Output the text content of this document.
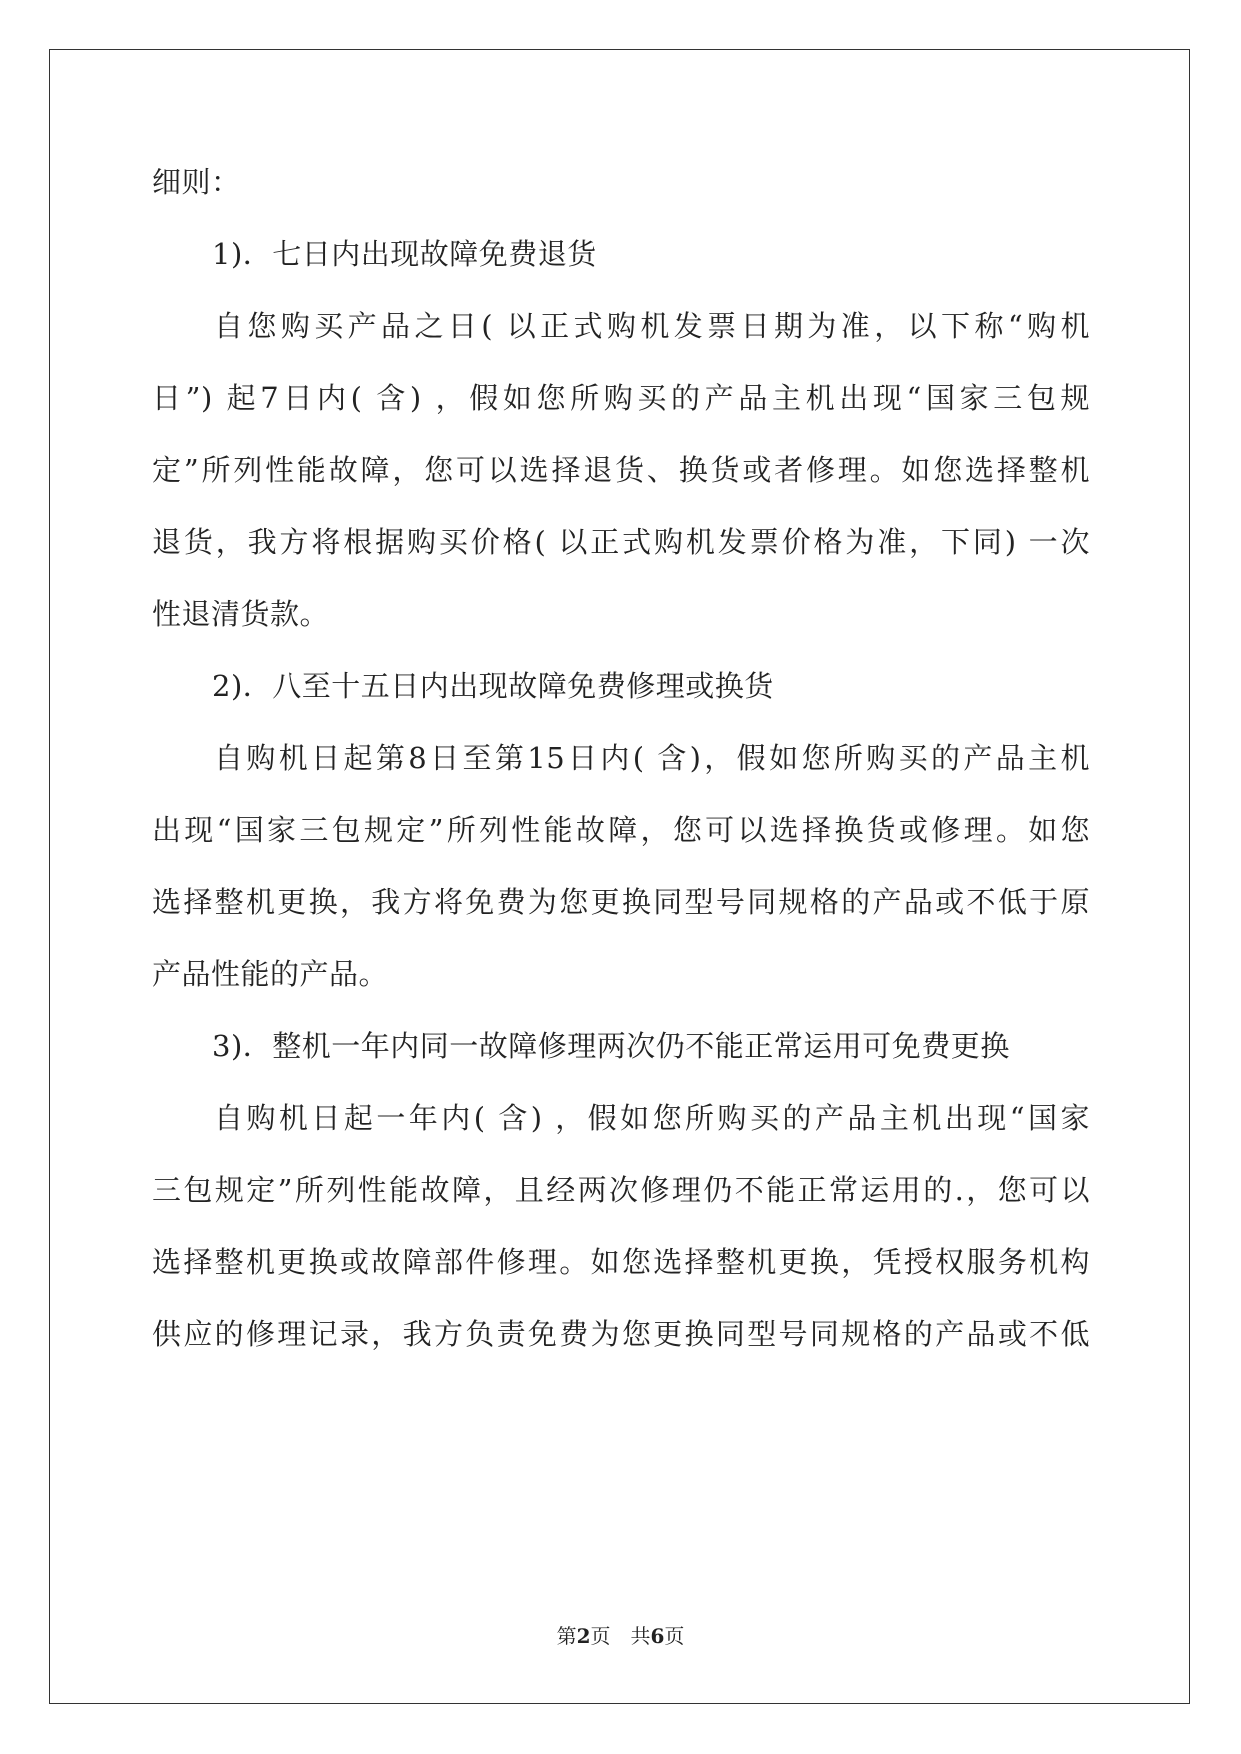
细则：
1)．七日内出现故障免费退货
自您购买产品之日( 以正式购机发票日期为准，以下称“购机
日”) 起7日内( 含) ，假如您所购买的产品主机出现“国家三包规
定”所列性能故障，您可以选择退货、换货或者修理。如您选择整机
退货，我方将根据购买价格( 以正式购机发票价格为准，下同) 一次
性退清货款。
2)．八至十五日内出现故障免费修理或换货
自购机日起第8日至第15日内( 含)，假如您所购买的产品主机
出现“国家三包规定”所列性能故障，您可以选择换货或修理。如您
选择整机更换，我方将免费为您更换同型号同规格的产品或不低于原
产品性能的产品。
3)．整机一年内同一故障修理两次仍不能正常运用可免费更换
自购机日起一年内( 含) ，假如您所购买的产品主机出现“国家
三包规定”所列性能故障，且经两次修理仍不能正常运用的.，您可以
选择整机更换或故障部件修理。如您选择整机更换，凭授权服务机构
供应的修理记录，我方负责免费为您更换同型号同规格的产品或不低
第2页　共6页
